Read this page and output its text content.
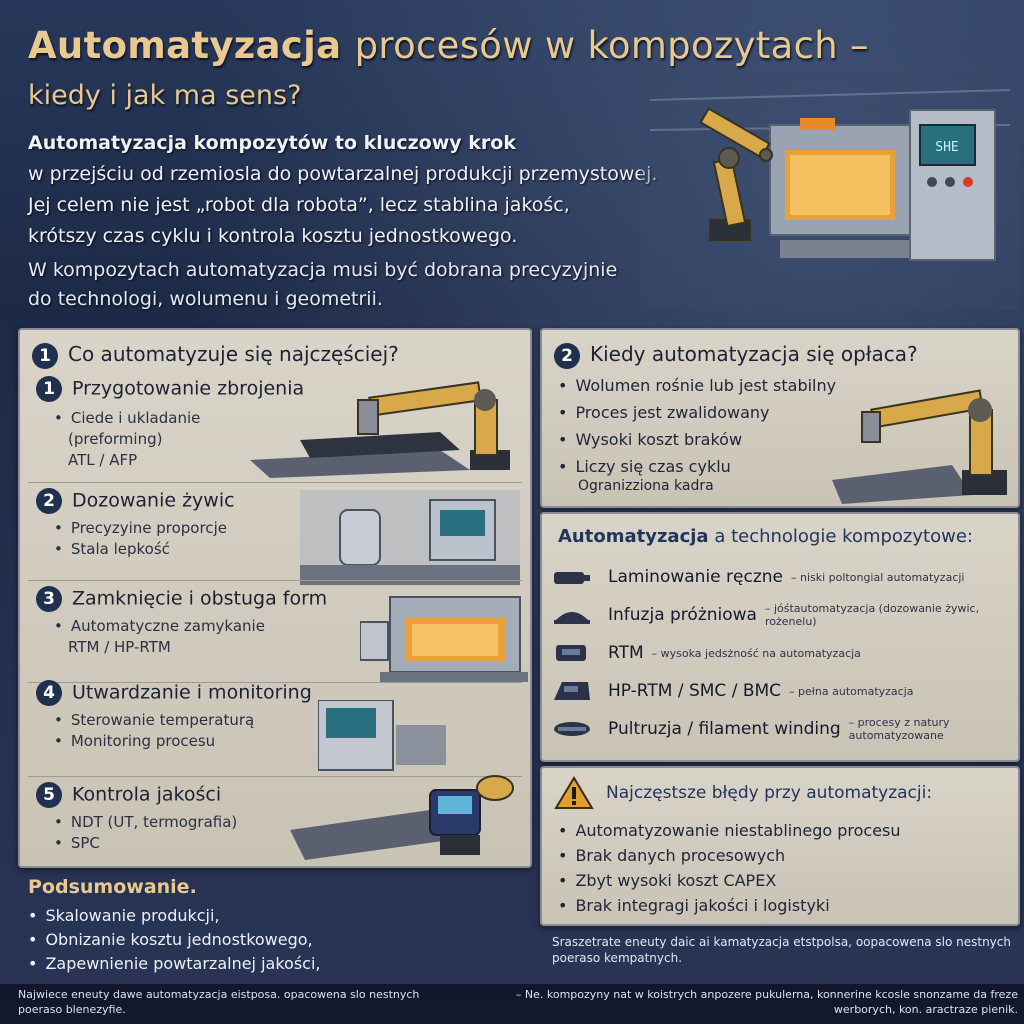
Automatyzacja procesów w kompozytach –
kiedy i jak ma sens?
Automatyzacja kompozytów to kluczowy krok
w przejściu od rzemiosla do powtarzalnej produkcji przemystowej.
Jej celem nie jest „robot dla robota”, lecz stablina jakośc,
krótszy czas cyklu i kontrola kosztu jednostkowego.
W kompozytach automatyzacja musi być dobrana precyzyjnie
do technologi, wolumenu i geometrii.
SHE
1 Co automatyzuje się najczęściej?
1 Przygotowanie zbrojenia
• Ciede i ukladanie
(preforming)
ATL / AFP
2 Dozowanie żywic
• Precyzyine proporcje
• Stala lepkość
3 Zamknięcie i obstuga form
• Automatyczne zamykanie
RTM / HP-RTM
4 Utwardzanie i monitoring
• Sterowanie temperaturą
• Monitoring procesu
5 Kontrola jakości
• NDT (UT, termografia)
• SPC
2 Kiedy automatyzacja się opłaca?
• Wolumen rośnie lub jest stabilny
• Proces jest zwalidowany
• Wysoki koszt braków
• Liczy się czas cyklu
Ogranizziona kadra
Automatyzacja a technologie kompozytowe:
Laminowanie ręczne – niski poltongial automatyzacji
Infuzja próżniowa – jóśtautomatyzacja (dozowanie żywic, rożenelu)
RTM – wysoka jedsżność na automatyzacja
HP-RTM / SMC / BMC – pełna automatyzacja
Pultruzja / filament winding – procesy z natury automatyzowane
Najczęstsze błędy przy automatyzacji:
• Automatyzowanie niestablinego procesu
• Brak danych procesowych
• Zbyt wysoki koszt CAPEX
• Brak integragi jakości i logistyki
Podsumowanie.
• Skalowanie produkcji,
• Obnizanie kosztu jednostkowego,
• Zapewnienie powtarzalnej jakości,
Sraszetrate eneuty daic ai kamatyzacja etstpolsa, oopacowena slo nestnych poeraso kempatnych.
Najwiece eneuty dawe automatyzacja eistposa. opacowena slo nestnych poeraso blenezyfie.
– Ne. kompozyny nat w koistrych anpozere pukulerna, konnerine kcosle snonzame da freze werborych, kon. aractraze pienik.
